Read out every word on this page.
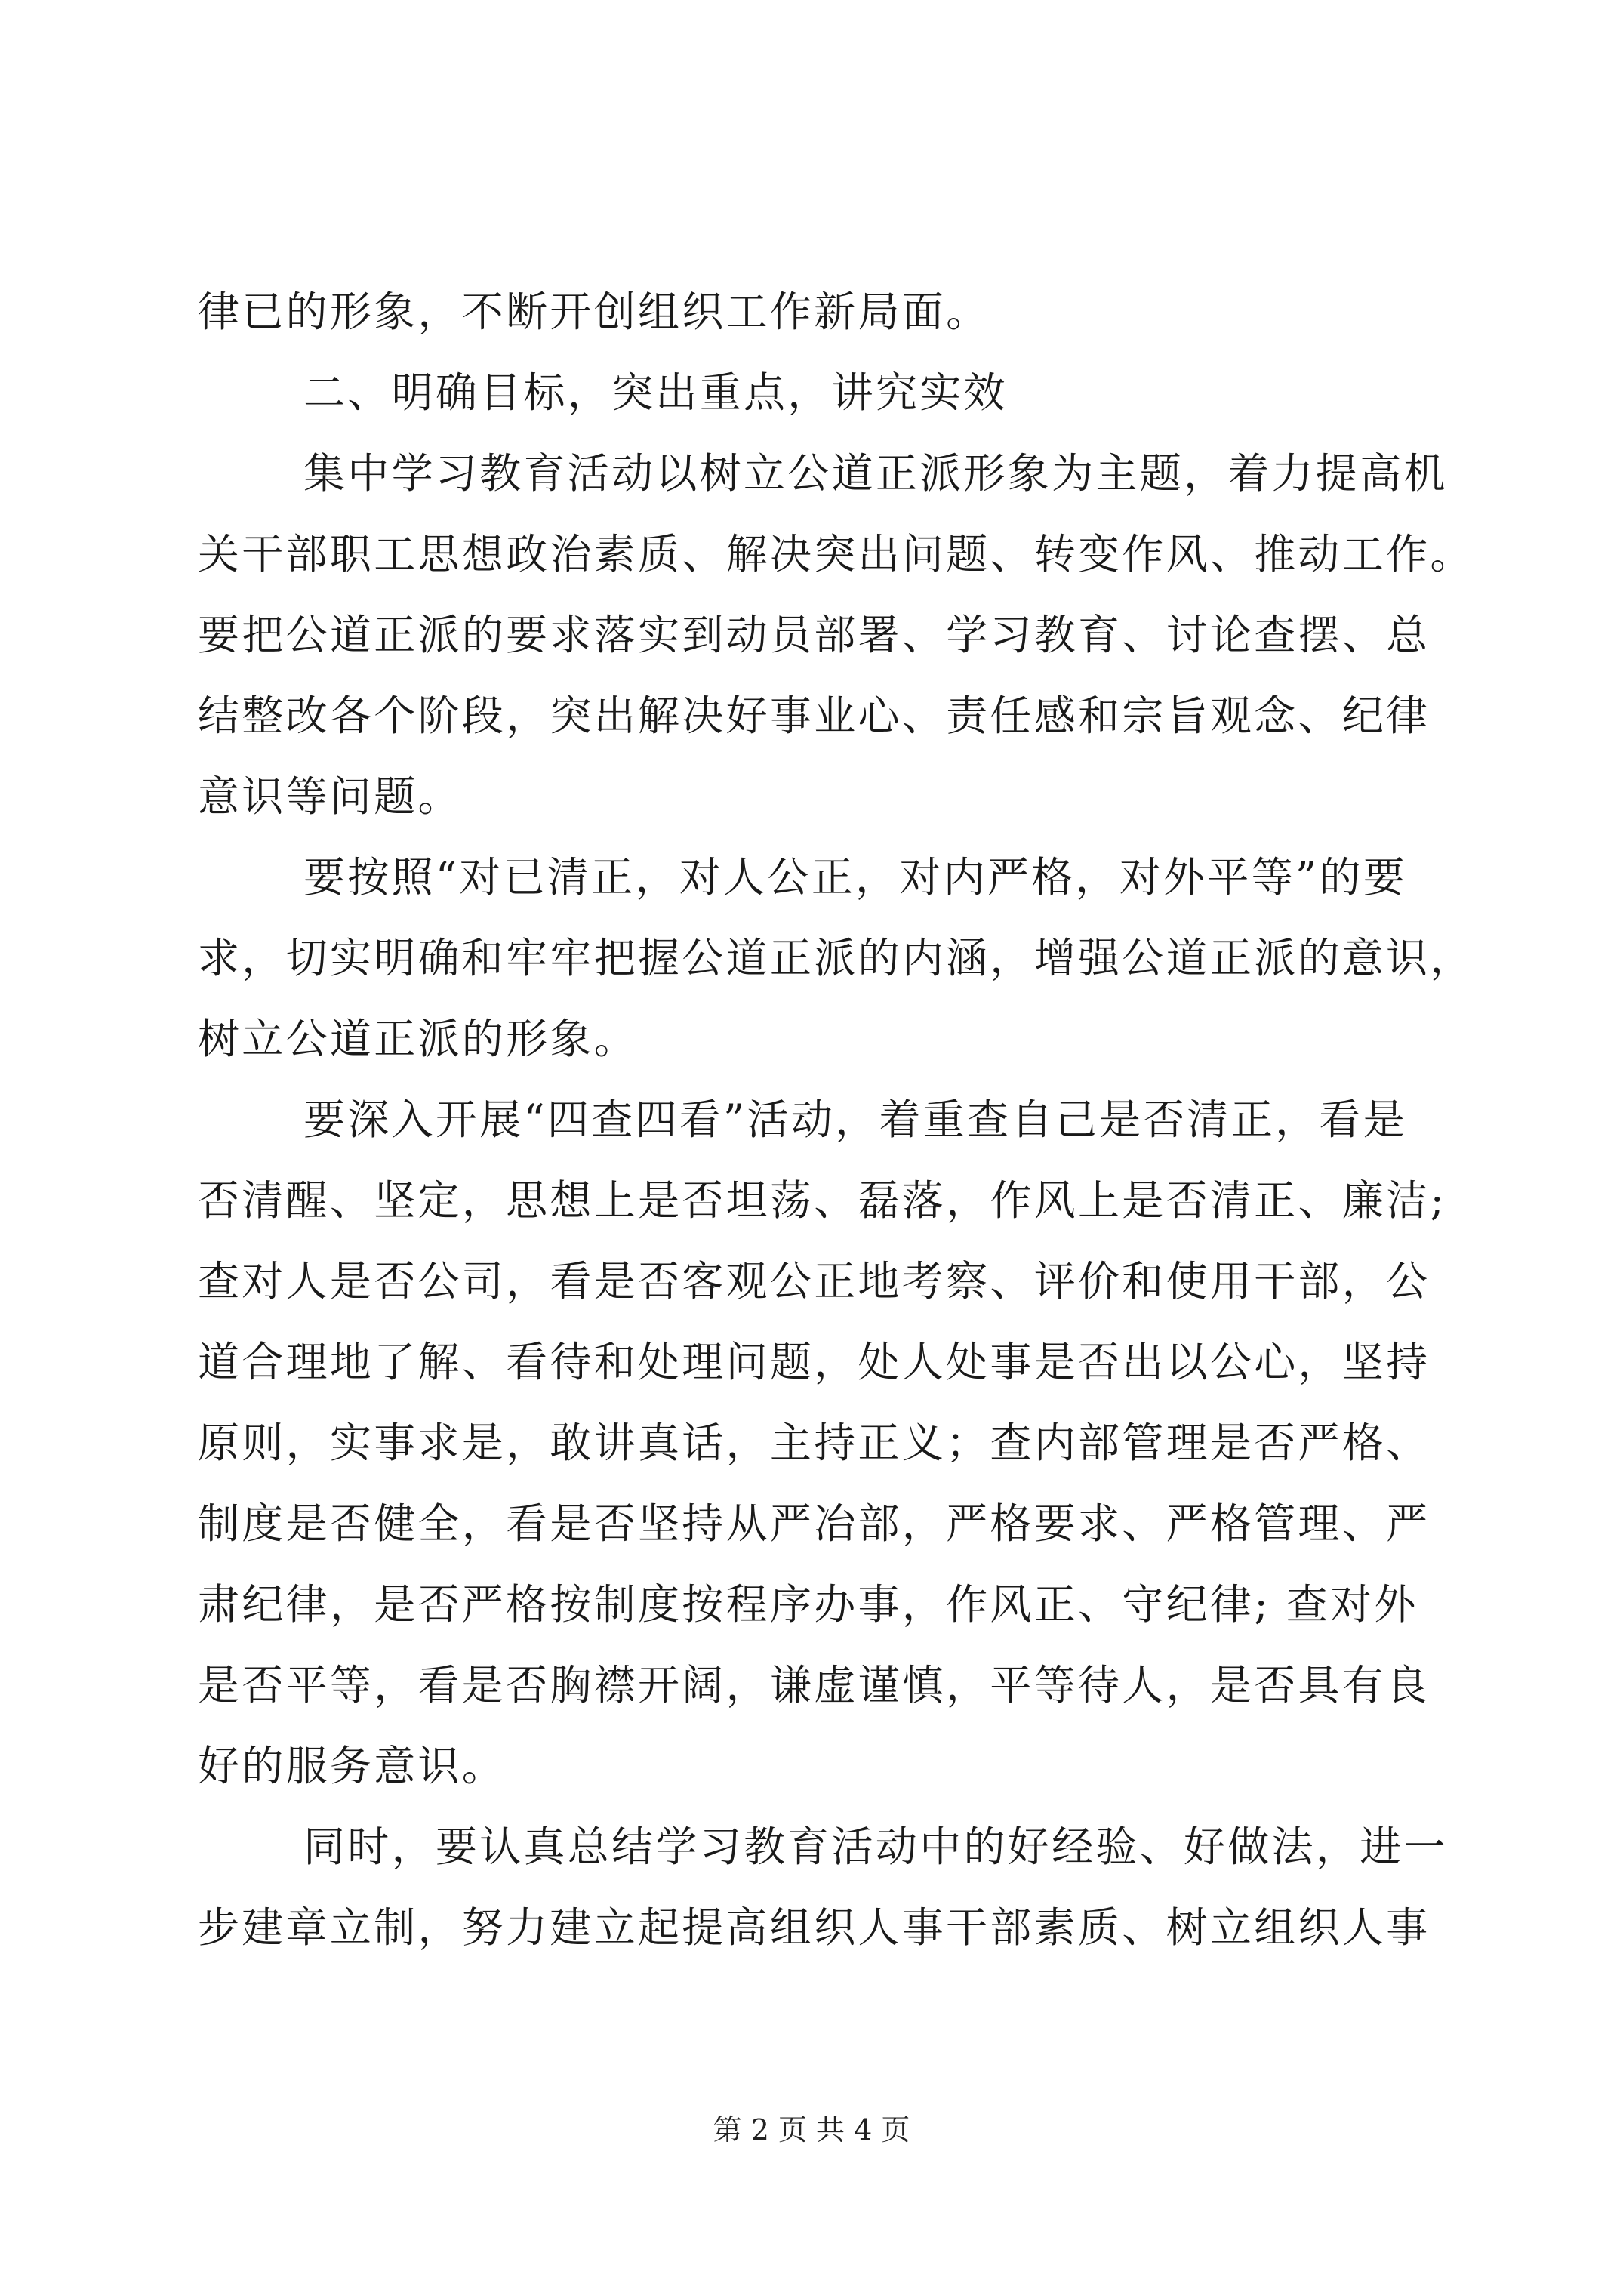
律已的形象，不断开创组织工作新局面。
二、明确目标，突出重点，讲究实效
集中学习教育活动以树立公道正派形象为主题，着力提高机
关干部职工思想政治素质、解决突出问题、转变作风、推动工作。
要把公道正派的要求落实到动员部署、学习教育、讨论查摆、总
结整改各个阶段，突出解决好事业心、责任感和宗旨观念、纪律
意识等问题。
要按照“对已清正，对人公正，对内严格，对外平等”的要
求，切实明确和牢牢把握公道正派的内涵，增强公道正派的意识，
树立公道正派的形象。
要深入开展“四查四看”活动，着重查自己是否清正，看是
否清醒、坚定，思想上是否坦荡、磊落，作风上是否清正、廉洁;
查对人是否公司，看是否客观公正地考察、评价和使用干部，公
道合理地了解、看待和处理问题，处人处事是否出以公心，坚持
原则，实事求是，敢讲真话，主持正义；查内部管理是否严格、
制度是否健全，看是否坚持从严冶部，严格要求、严格管理、严
肃纪律，是否严格按制度按程序办事，作风正、守纪律; 查对外
是否平等，看是否胸襟开阔，谦虚谨慎，平等待人，是否具有良
好的服务意识。
同时，要认真总结学习教育活动中的好经验、好做法，进一
步建章立制，努力建立起提高组织人事干部素质、树立组织人事
第 2 页 共 4 页
